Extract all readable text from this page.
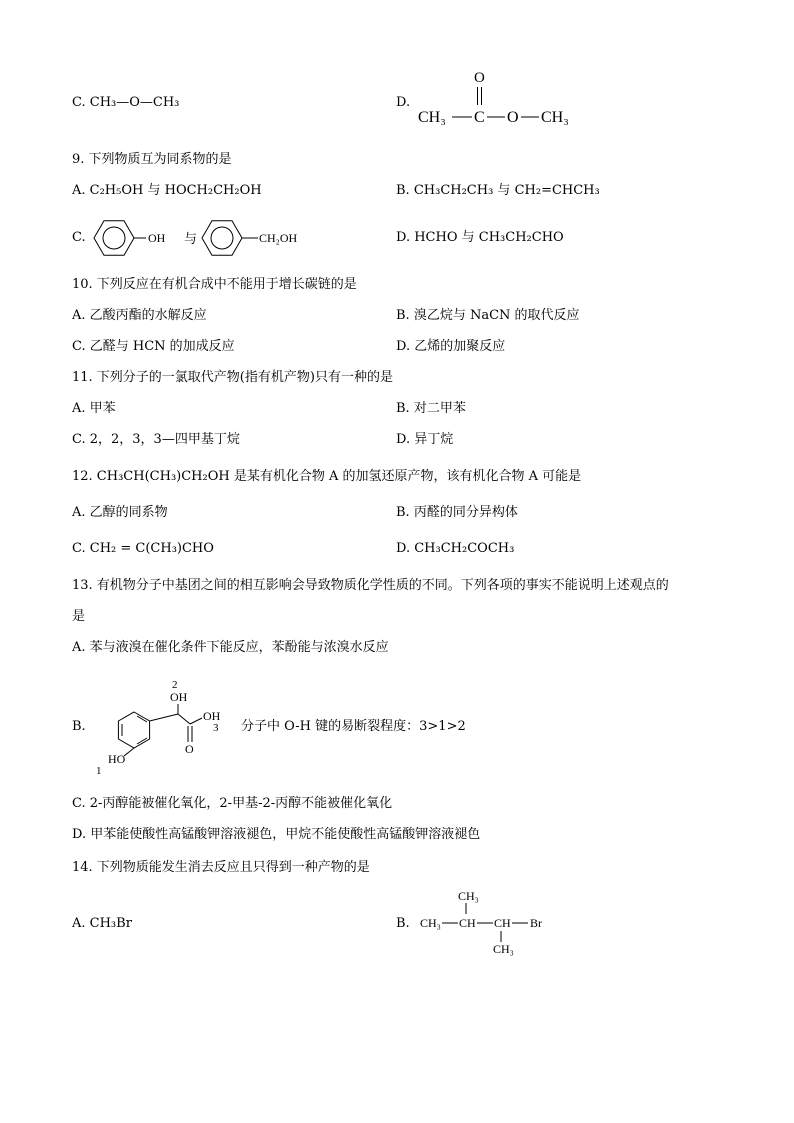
C. CH₃—O—CH₃	D.
O
CH₃ C O CH₃
9. 下列物质互为同系物的是
A. C₂H₅OH 与 HOCH₂CH₂OH	B. CH₃CH₂CH₃ 与 CH₂=CHCH₃
C.	OH 与	CH₂OH	D. HCHO 与 CH₃CH₂CHO
10. 下列反应在有机合成中不能用于增长碳链的是
A. 乙酸丙酯的水解反应	B. 溴乙烷与 NaCN 的取代反应
C. 乙醛与 HCN 的加成反应	D. 乙烯的加聚反应
11. 下列分子的一氯取代产物(指有机产物)只有一种的是
A. 甲苯	B. 对二甲苯
C. 2，2，3，3—四甲基丁烷	D. 异丁烷
12. CH₃CH(CH₃)CH₂OH 是某有机化合物 A 的加氢还原产物，该有机化合物 A 可能是
A. 乙醇的同系物	B. 丙醛的同分异构体
C. CH₂ = C(CH₃)CHO	D. CH₃CH₂COCH₃
13. 有机物分子中基团之间的相互影响会导致物质化学性质的不同。下列各项的事实不能说明上述观点的
是
A. 苯与液溴在催化条件下能反应，苯酚能与浓溴水反应
B.
2
OH
OH
3
O
HO
1
分子中 O-H 键的易断裂程度：3>1>2
C. 2-丙醇能被催化氧化，2-甲基-2-丙醇不能被催化氧化
D. 甲苯能使酸性高锰酸钾溶液褪色，甲烷不能使酸性高锰酸钾溶液褪色
14. 下列物质能发生消去反应且只得到一种产物的是
A. CH₃Br	B.
CH₃
CH₃ CH CH Br
CH₃
